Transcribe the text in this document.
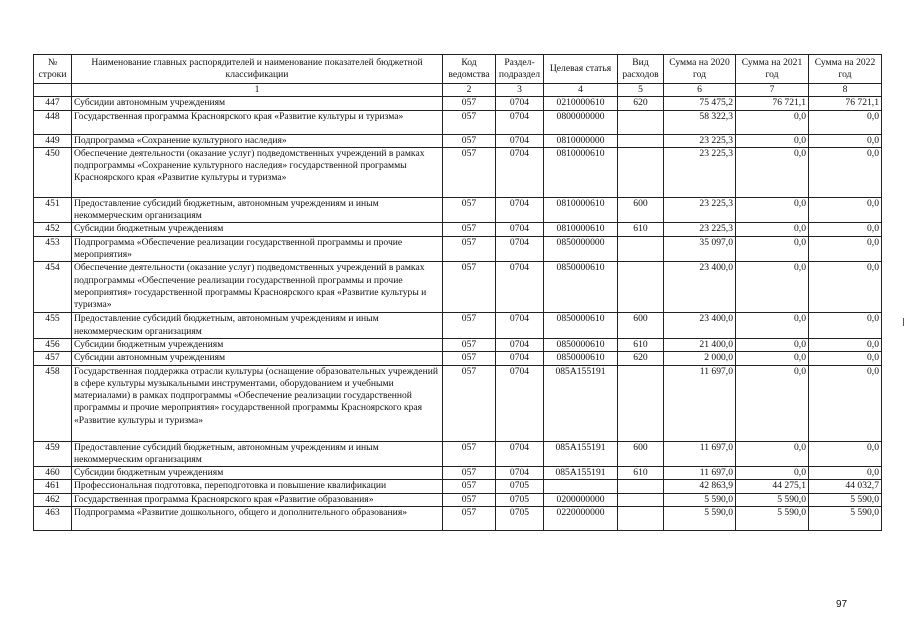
№ строки	Наименование главных распорядителей и наименование показателей бюджетной классификации	Код ведомства	Раздел-подраздел	Целевая статья	Вид расходов	Сумма на 2020 год	Сумма на 2021 год	Сумма на 2022 год
	1	2	3	4	5	6	7	8
447	Субсидии автономным учреждениям	057	0704	0210000610	620	75 475,2	76 721,1	76 721,1
448	Государственная программа Красноярского края «Развитие культуры и туризма»	057	0704	0800000000		58 322,3	0,0	0,0
449	Подпрограмма «Сохранение культурного наследия»	057	0704	0810000000		23 225,3	0,0	0,0
450	Обеспечение деятельности (оказание услуг) подведомственных учреждений в рамках подпрограммы «Сохранение культурного наследия» государственной программы Красноярского края «Развитие культуры и туризма»	057	0704	0810000610		23 225,3	0,0	0,0
451	Предоставление субсидий бюджетным, автономным учреждениям и иным некоммерческим организациям	057	0704	0810000610	600	23 225,3	0,0	0,0
452	Субсидии бюджетным учреждениям	057	0704	0810000610	610	23 225,3	0,0	0,0
453	Подпрограмма «Обеспечение реализации государственной программы и прочие мероприятия»	057	0704	0850000000		35 097,0	0,0	0,0
454	Обеспечение деятельности (оказание услуг) подведомственных учреждений в рамках подпрограммы «Обеспечение реализации государственной программы и прочие мероприятия» государственной программы Красноярского края «Развитие культуры и туризма»	057	0704	0850000610		23 400,0	0,0	0,0
455	Предоставление субсидий бюджетным, автономным учреждениям и иным некоммерческим организациям	057	0704	0850000610	600	23 400,0	0,0	0,0
456	Субсидии бюджетным учреждениям	057	0704	0850000610	610	21 400,0	0,0	0,0
457	Субсидии автономным учреждениям	057	0704	0850000610	620	2 000,0	0,0	0,0
458	Государственная поддержка отрасли культуры (оснащение образовательных учреждений в сфере культуры музыкальными инструментами, оборудованием и учебными материалами) в рамках подпрограммы «Обеспечение реализации государственной программы и прочие мероприятия» государственной программы Красноярского края «Развитие культуры и туризма»	057	0704	085A155191		11 697,0	0,0	0,0
459	Предоставление субсидий бюджетным, автономным учреждениям и иным некоммерческим организациям	057	0704	085A155191	600	11 697,0	0,0	0,0
460	Субсидии бюджетным учреждениям	057	0704	085A155191	610	11 697,0	0,0	0,0
461	Профессиональная подготовка, переподготовка и повышение квалификации	057	0705			42 863,9	44 275,1	44 032,7
462	Государственная программа Красноярского края «Развитие образования»	057	0705	0200000000		5 590,0	5 590,0	5 590,0
463	Подпрограмма «Развитие дошкольного, общего и дополнительного образования»	057	0705	0220000000		5 590,0	5 590,0	5 590,0
97
